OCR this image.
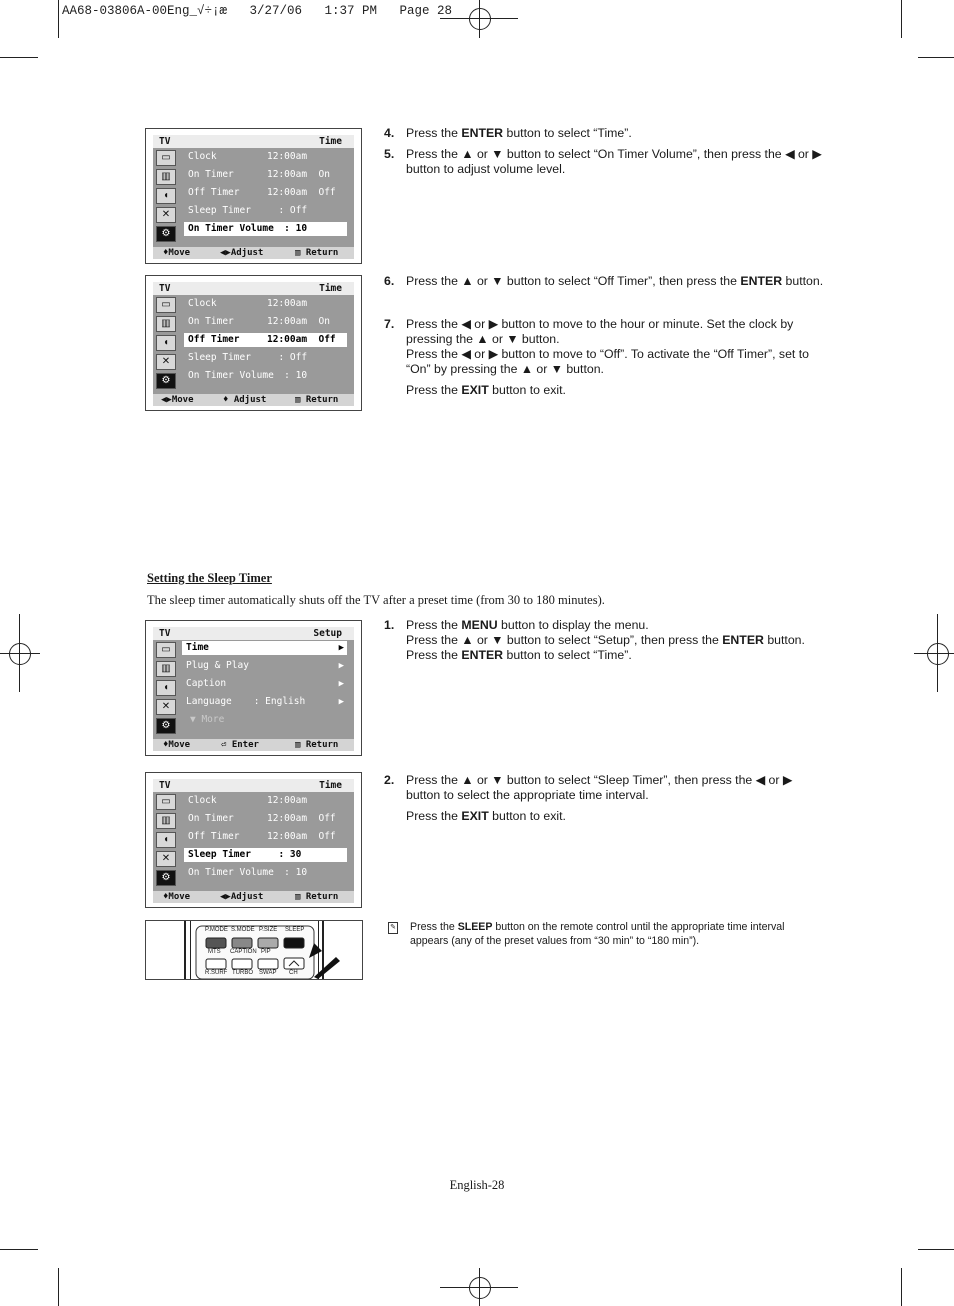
AA68-03806A-00Eng_√÷¡æ   3/27/06   1:37 PM   Page 28
TV	Time
▭
▥
◖
✕
⚙
Clock	12:00am
On Timer	12:00am  On
Off Timer	12:00am  Off
Sleep Timer : Off
On Timer Volume
: 10
♦Move	◀▶Adjust	▥ Return
TV	Time
▭
▥
◖
✕
⚙
Clock	12:00am
On Timer	12:00am  On
Off Timer	12:00am  Off
Sleep Timer : Off
On Timer Volume
: 10
◀▶Move	♦ Adjust	▥ Return
4. Press the ENTER button to select “Time”.
5. Press the ▲ or ▼ button to select “On Timer Volume”, then press the ◀ or ▶ button to adjust volume level.
6. Press the ▲ or ▼ button to select “Off Timer”, then press the ENTER button.
7. Press the ◀ or ▶ button to move to the hour or minute. Set the clock by pressing the ▲ or ▼ button.

Press the ◀ or ▶ button to move to “Off”. To activate the “Off Timer”, set to “On” by pressing the ▲ or ▼ button.

Press the EXIT button to exit.
Setting the Sleep Timer
The sleep timer automatically shuts off the TV after a preset time (from 30 to 180 minutes).
TV	Setup
▭
▥
◖
✕
⚙
Time	▶
Plug & Play	▶
Caption	▶
Language : English	▶
▼ More
♦Move	⏎ Enter	▥ Return
TV	Time
▭
▥
◖
✕
⚙
Clock	12:00am
On Timer	12:00am  Off
Off Timer	12:00am  Off
Sleep Timer : 30
On Timer Volume
: 10
♦Move	◀▶Adjust	▥ Return
1. Press the MENU button to display the menu.
Press the ▲ or ▼ button to select “Setup”, then press the ENTER button.
Press the ENTER button to select “Time”.
2. Press the ▲ or ▼ button to select “Sleep Timer”, then press the ◀ or ▶ button to select the appropriate time interval.

Press the EXIT button to exit.
P.MODE S.MODE P.SIZE SLEEP
MTS CAPTION PIP
R.SURF TURBO SWAP CH
✎ Press the SLEEP button on the remote control until the appropriate time interval appears (any of the preset values from “30 min” to “180 min”).
English-28
